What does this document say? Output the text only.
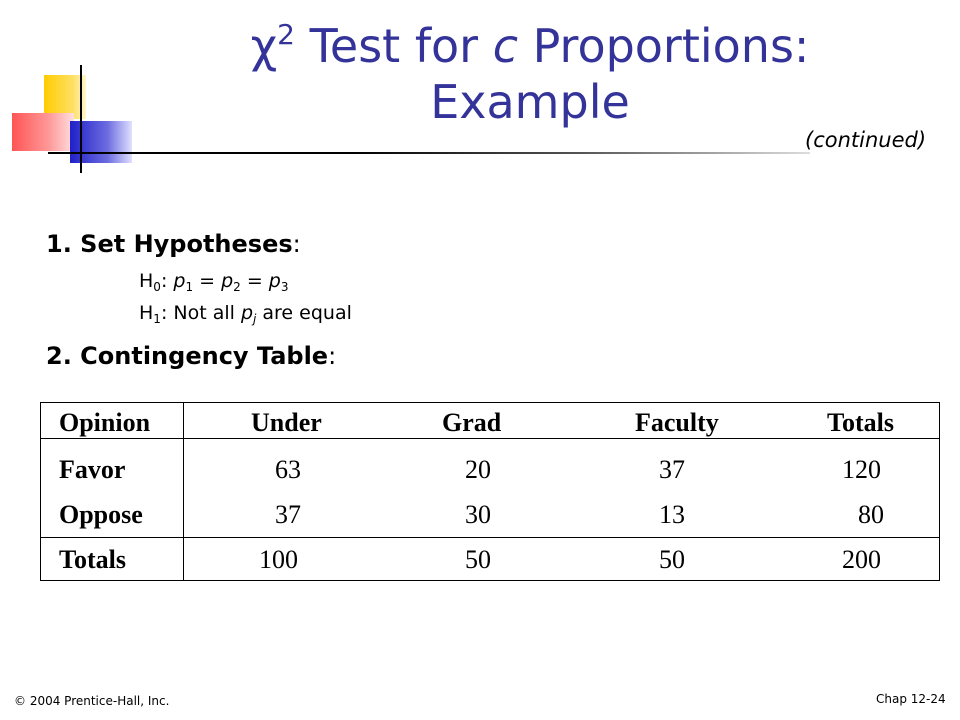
$\chi^2$ Test for c Proportions:
Example
(continued)
1. Set Hypotheses:
$H_0$: $p_1 = p_2 = p_3$
$H_1$: Not all $p_j$ are equal
2. Contingency Table:
Opinion	Under	Grad	Faculty	Totals
Favor	63	20	37	120
Oppose	37	30	13	80
Totals	100	50	50	200
© 2004 Prentice-Hall, Inc.	Chap 12-24
